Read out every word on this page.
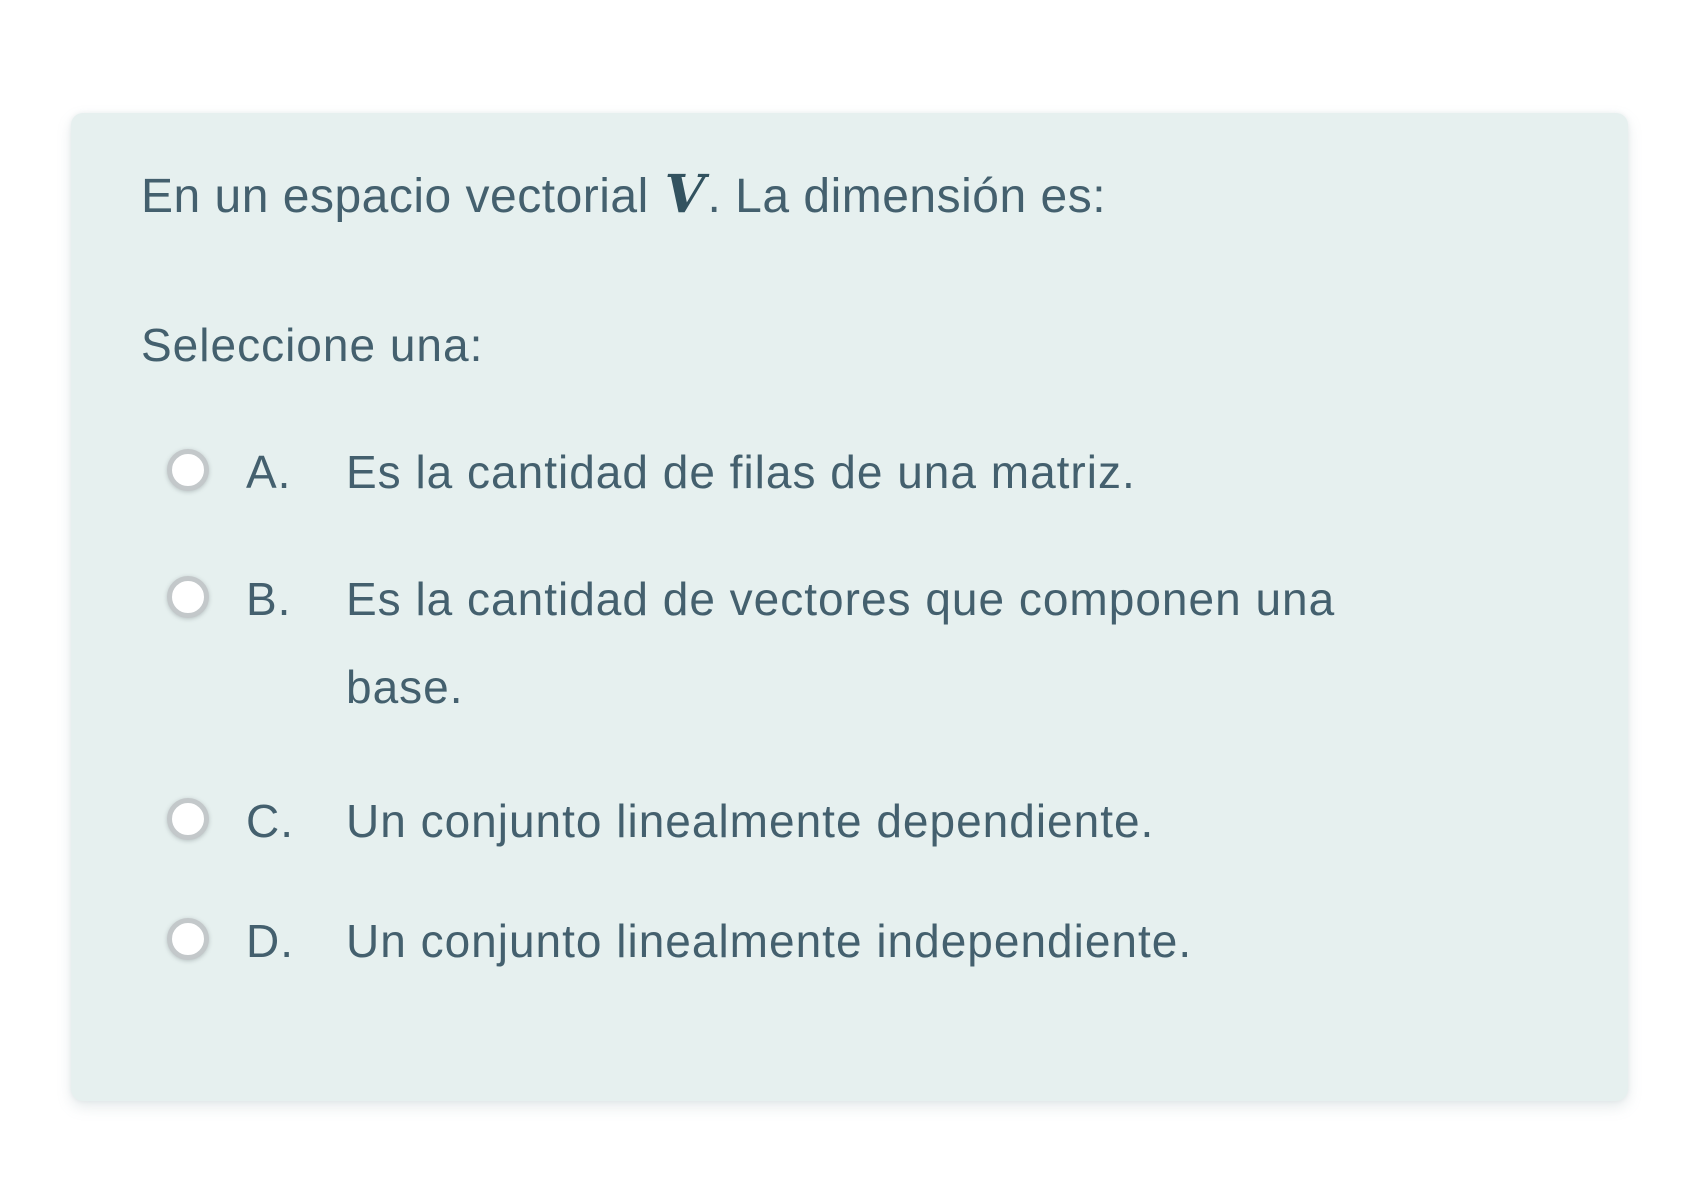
En un espacio vectorial V. La dimensión es:

Seleccione una:

A.	Es la cantidad de filas de una matriz.
B.	Es la cantidad de vectores que componen una
base.
C.	Un conjunto linealmente dependiente.
D.	Un conjunto linealmente independiente.
